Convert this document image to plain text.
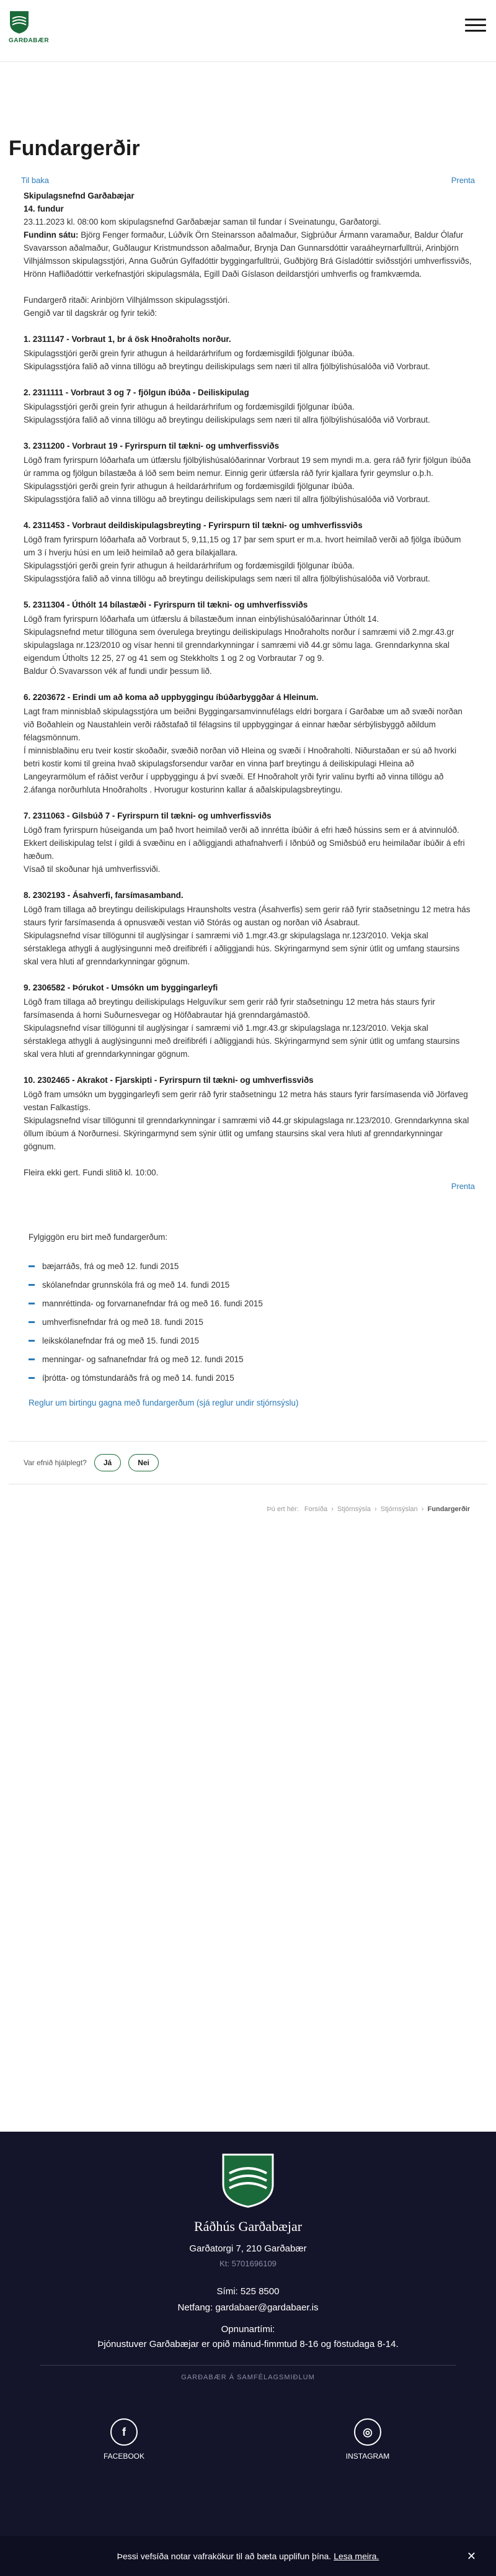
GARÐABÆR
Fundargerðir
Til baka	Prenta

Skipulagsnefnd Garðabæjar

14. fundur

23.11.2023 kl. 08:00 kom skipulagsnefnd Garðabæjar saman til fundar í Sveinatungu, Garðatorgi.

Fundinn sátu: Björg Fenger formaður, Lúðvík Örn Steinarsson aðalmaður, Sigþrúður Ármann varamaður, Baldur Ólafur Svavarsson aðalmaður, Guðlaugur Kristmundsson aðalmaður, Brynja Dan Gunnarsdóttir varaáheyrnarfulltrúi, Arinbjörn Vilhjálmsson skipulagsstjóri, Anna Guðrún Gylfadóttir byggingarfulltrúi, Guðbjörg Brá Gísladóttir sviðsstjóri umhverfissviðs, Hrönn Hafliðadóttir verkefnastjóri skipulagsmála, Egill Daði Gíslason deildarstjóri umhverfis og framkvæmda.

Fundargerð ritaði: Arinbjörn Vilhjálmsson skipulagsstjóri.

Gengið var til dagskrár og fyrir tekið:

1. 2311147 - Vorbraut 1, br á ösk Hnoðraholts norður.

Skipulagsstjóri gerði grein fyrir athugun á heildarárhrifum og fordæmisgildi fjölgunar íbúða.

Skipulagsstjóra falið að vinna tillögu að breytingu deiliskipulags sem næri til allra fjölbýlishúsalóða við Vorbraut.

2. 2311111 - Vorbraut 3 og 7 - fjölgun íbúða - Deiliskipulag

Skipulagsstjóri gerði grein fyrir athugun á heildarárhrifum og fordæmisgildi fjölgunar íbúða.

Skipulagsstjóra falið að vinna tillögu að breytingu deiliskipulags sem næri til allra fjölbýlishúsalóða við Vorbraut.

3. 2311200 - Vorbraut 19 - Fyrirspurn til tækni- og umhverfissviðs

Lögð fram fyrirspurn lóðarhafa um útfærslu fjölbýlishúsalóðarinnar Vorbraut 19 sem myndi m.a. gera ráð fyrir fjölgun íbúða úr ramma og fjölgun bílastæða á lóð sem beim nemur. Einnig gerir útfærsla ráð fyrir kjallara fyrir geymslur o.þ.h.

Skipulagsstjóri gerði grein fyrir athugun á heildarárhrifum og fordæmisgildi fjölgunar íbúða.

Skipulagsstjóra falið að vinna tillögu að breytingu deiliskipulags sem næri til allra fjölbýlishúsalóða við Vorbraut.

4. 2311453 - Vorbraut deildiskipulagsbreyting - Fyrirspurn til tækni- og umhverfissviðs

Lögð fram fyrirspurn lóðarhafa að Vorbraut 5, 9,11,15 og 17 þar sem spurt er m.a. hvort heimilað verði að fjölga íbúðum um 3 í hverju húsi en um leið heimilað að gera bílakjallara.

Skipulagsstjóri gerði grein fyrir athugun á heildarárhrifum og fordæmisgildi fjölgunar íbúða.

Skipulagsstjóra falið að vinna tillögu að breytingu deiliskipulags sem næri til allra fjölbýlishúsalóða við Vorbraut.

5. 2311304 - Úthólt 14 bílastæði - Fyrirspurn til tækni- og umhverfissviðs

Lögð fram fyrirspurn lóðarhafa um útfærslu á bílastæðum innan einbýlishúsalóðarinnar Úthólt 14.

Skipulagsnefnd metur tillöguna sem óverulega breytingu deiliskipulags Hnoðraholts norður í samræmi við 2.mgr.43.gr skipulagslaga nr.123/2010 og vísar henni til grenndarkynningar í samræmi við 44.gr sömu laga. Grenndarkynna skal eigendum Útholts 12 25, 27 og 41 sem og Stekkholts 1 og 2 og Vorbrautar 7 og 9.

Baldur Ó.Svavarsson vék af fundi undir þessum lið.

6. 2203672 - Erindi um að koma að uppbyggingu íbúðarbyggðar á Hleinum.

Lagt fram minnisblað skipulagsstjóra um beiðni Byggingarsamvinnufélags eldri borgara í Garðabæ um að svæði norðan við Boðahlein og Naustahlein verði ráðstafað til félagsins til uppbyggingar á einnar hæðar sérbýlisbyggð aðildum félagsmönnum.

Í minnisblaðinu eru tveir kostir skoðaðir, svæðið norðan við Hleina og svæði í Hnoðraholti. Niðurstaðan er sú að hvorki betri kostir komi til greina hvað skipulagsforsendur varðar en vinna þarf breytingu á deiliskipulagi Hleina að Langeyrarmölum ef ráðist verður í uppbyggingu á því svæði. Ef Hnoðraholt yrði fyrir valinu byrfti að vinna tillögu að 2.áfanga norðurhluta Hnoðraholts . Hvorugur kosturinn kallar á aðalskipulagsbreytingu.

7. 2311063 - Gilsbúð 7 - Fyrirspurn til tækni- og umhverfissviðs

Lögð fram fyrirspurn húseiganda um það hvort heimilað verði að innrétta íbúðir á efri hæð hússins sem er á atvinnulóð. Ekkert deiliskipulag telst í gildi á svæðinu en í aðliggjandi athafnahverfi í Iðnbúð og Smiðsbúð eru heimilaðar íbúðir á efri hæðum.

Vísað til skoðunar hjá umhverfissviði.

8. 2302193 - Ásahverfi, farsímasamband.

Lögð fram tillaga að breytingu deiliskipulags Hraunsholts vestra (Ásahverfis) sem gerir ráð fyrir staðsetningu 12 metra hás staurs fyrir farsímasenda á opnusvæði vestan við Stórás og austan og norðan við Ásabraut.

Skipulagsnefnd vísar tillögunni til auglýsingar í samræmi við 1.mgr.43.gr skipulagslaga nr.123/2010. Vekja skal sérstaklega athygli á auglýsingunni með dreifibréfi í aðliggjandi hús. Skýringarmynd sem sýnir útlit og umfang staursins skal vera hluti af grenndarkynningar gögnum.

9. 2306582 - Þórukot - Umsókn um byggingarleyfi

Lögð fram tillaga að breytingu deiliskipulags Helguvíkur sem gerir ráð fyrir staðsetningu 12 metra hás staurs fyrir farsímasenda á horni Suðurnesvegar og Höfðabrautar hjá grenndargámastöð.

Skipulagsnefnd vísar tillögunni til auglýsingar í samræmi við 1.mgr.43.gr skipulagslaga nr.123/2010. Vekja skal sérstaklega athygli á auglýsingunni með dreifibréfi í aðliggjandi hús. Skýringarmynd sem sýnir útlit og umfang staursins skal vera hluti af grenndarkynningar gögnum.

10. 2302465 - Akrakot - Fjarskipti - Fyrirspurn til tækni- og umhverfissviðs

Lögð fram umsókn um byggingarleyfi sem gerir ráð fyrir staðsetningu 12 metra hás staurs fyrir farsímasenda við Jörfaveg vestan Falkastígs.

Skipulagsnefnd vísar tillögunni til grenndarkynningar í samræmi við 44.gr skipulagslaga nr.123/2010. Grenndarkynna skal öllum íbúum á Norðurnesi. Skýringarmynd sem sýnir útlit og umfang staursins skal vera hluti af grenndarkynningar gögnum.

Fleira ekki gert. Fundi slitið kl. 10:00.

Prenta

Fylgiggön eru birt með fundargerðum:

bæjarráðs, frá og með 12. fundi 2015
skólanefndar grunnskóla frá og með 14. fundi 2015
mannréttinda- og forvarnanefndar frá og með 16. fundi 2015
umhverfisnefndar frá og með 18. fundi 2015
leikskólanefndar frá og með 15. fundi 2015
menningar- og safnanefndar frá og með 12. fundi 2015
íþrótta- og tómstundaráðs frá og með 14. fundi 2015
Reglur um birtingu gagna með fundargerðum (sjá reglur undir stjórnsýslu)
Var efnið hjálplegt?	Já	Nei
Þú ert hér: Forsíða  ›  Stjórnsýsla  ›  Stjórnsýslan  ›  Fundargerðir
Ráðhús Garðabæjar
Garðatorgi 7, 210 Garðabær
Kt: 5701696109
Sími: 525 8500
Netfang: gardabaer@gardabaer.is
Opnunartími:
Þjónustuver Garðabæjar er opið mánud-fimmtud 8-16 og föstudaga 8-14.
GARÐABÆR Á SAMFÉLAGSMIÐLUM
f
FACEBOOK
◎
INSTAGRAM
Þessi vefsíða notar vafrakökur til að bæta upplifun þína. Lesa meira.	✕
